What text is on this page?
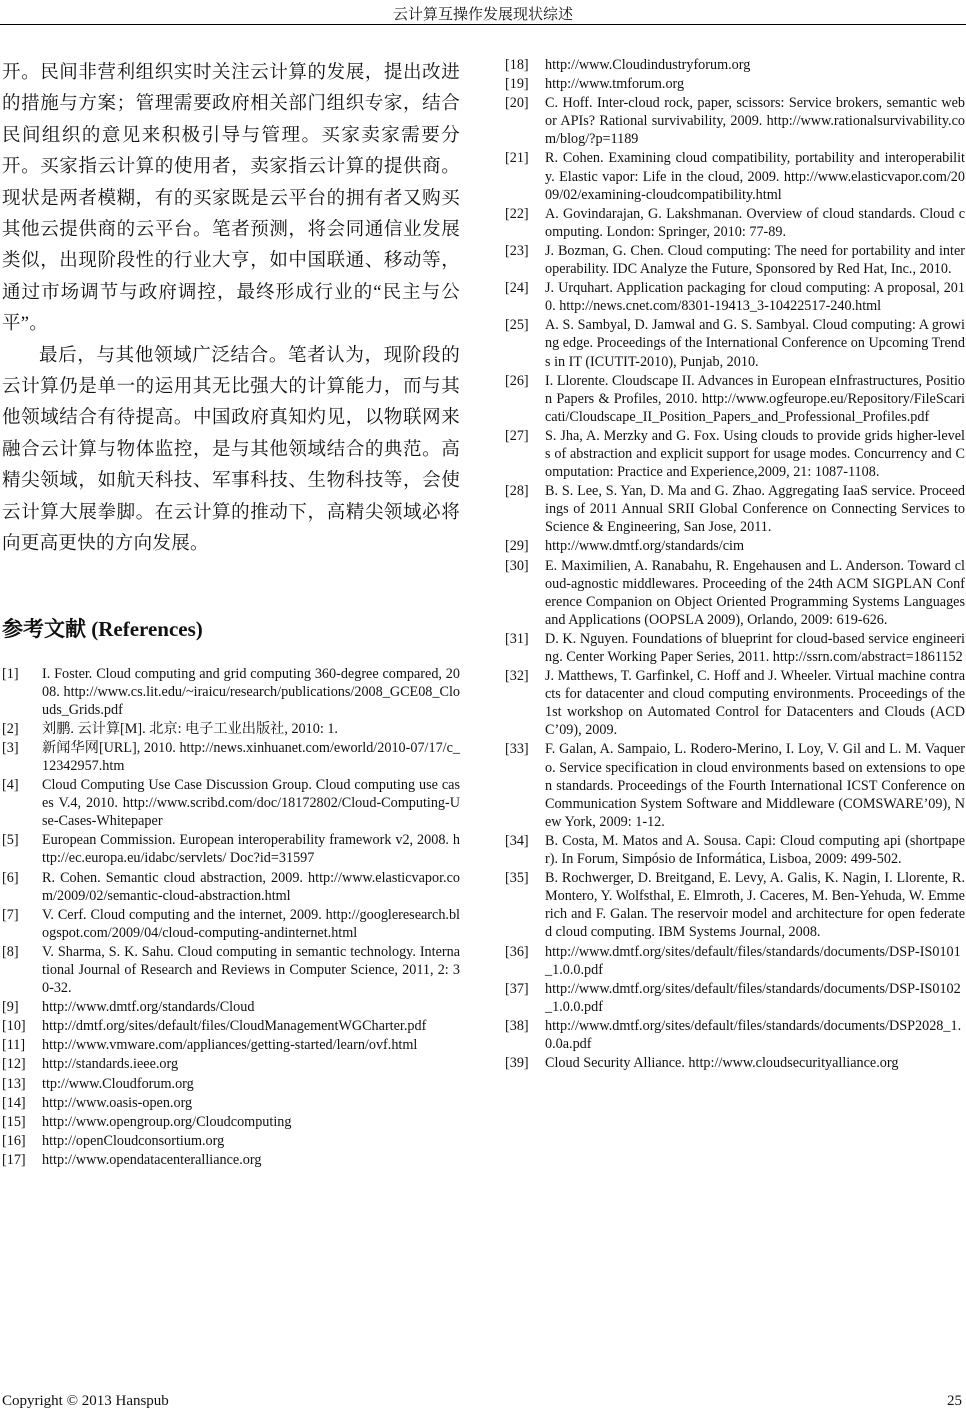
云计算互操作发展现状综述

开。民间非营利组织实时关注云计算的发展，提出改进的措施与方案；管理需要政府相关部门组织专家，结合民间组织的意见来积极引导与管理。买家卖家需要分开。买家指云计算的使用者，卖家指云计算的提供商。现状是两者模糊，有的买家既是云平台的拥有者又购买其他云提供商的云平台。笔者预测，将会同通信业发展类似，出现阶段性的行业大亨，如中国联通、移动等，通过市场调节与政府调控，最终形成行业的“民主与公平”。

最后，与其他领域广泛结合。笔者认为，现阶段的云计算仍是单一的运用其无比强大的计算能力，而与其他领域结合有待提高。中国政府真知灼见，以物联网来融合云计算与物体监控，是与其他领域结合的典范。高精尖领域，如航天科技、军事科技、生物科技等，会使云计算大展拳脚。在云计算的推动下，高精尖领域必将向更高更快的方向发展。

参考文献 (References)
[1]	I. Foster. Cloud computing and grid computing 360-degree compared, 2008. http://www.cs.lit.edu/~iraicu/research/publications/2008_GCE08_Clouds_Grids.pdf
[2]	刘鹏. 云计算[M]. 北京: 电子工业出版社, 2010: 1.
[3]	新闻华网[URL], 2010. http://news.xinhuanet.com/eworld/2010-07/17/c_12342957.htm
[4]	Cloud Computing Use Case Discussion Group. Cloud computing use cases V.4, 2010. http://www.scribd.com/doc/18172802/Cloud-Computing-Use-Cases-Whitepaper
[5]	European Commission. European interoperability framework v2, 2008. http://ec.europa.eu/idabc/servlets/ Doc?id=31597
[6]	R. Cohen. Semantic cloud abstraction, 2009. http://www.elasticvapor.com/2009/02/semantic-cloud-abstraction.html
[7]	V. Cerf. Cloud computing and the internet, 2009. http://googleresearch.blogspot.com/2009/04/cloud-computing-andinternet.html
[8]	V. Sharma, S. K. Sahu. Cloud computing in semantic technology. International Journal of Research and Reviews in Computer Science, 2011, 2: 30-32.
[9]	http://www.dmtf.org/standards/Cloud
[10]	http://dmtf.org/sites/default/files/CloudManagementWGCharter.pdf
[11]	http://www.vmware.com/appliances/getting-started/learn/ovf.html
[12]	http://standards.ieee.org
[13]	ttp://www.Cloudforum.org
[14]	http://www.oasis-open.org
[15]	http://www.opengroup.org/Cloudcomputing
[16]	http://openCloudconsortium.org
[17]	http://www.opendatacenteralliance.org
[18]	http://www.Cloudindustryforum.org
[19]	http://www.tmforum.org
[20]	C. Hoff. Inter-cloud rock, paper, scissors: Service brokers, semantic web or APIs? Rational survivability, 2009. http://www.rationalsurvivability.com/blog/?p=1189
[21]	R. Cohen. Examining cloud compatibility, portability and interoperability. Elastic vapor: Life in the cloud, 2009. http://www.elasticvapor.com/2009/02/examining-cloudcompatibility.html
[22]	A. Govindarajan, G. Lakshmanan. Overview of cloud standards. Cloud computing. London: Springer, 2010: 77-89.
[23]	J. Bozman, G. Chen. Cloud computing: The need for portability and interoperability. IDC Analyze the Future, Sponsored by Red Hat, Inc., 2010.
[24]	J. Urquhart. Application packaging for cloud computing: A proposal, 2010. http://news.cnet.com/8301-19413_3-10422517-240.html
[25]	A. S. Sambyal, D. Jamwal and G. S. Sambyal. Cloud computing: A growing edge. Proceedings of the International Conference on Upcoming Trends in IT (ICUTIT-2010), Punjab, 2010.
[26]	I. Llorente. Cloudscape II. Advances in European eInfrastructures, Position Papers & Profiles, 2010. http://www.ogfeurope.eu/Repository/FileScaricati/Cloudscape_II_Position_Papers_and_Professional_Profiles.pdf
[27]	S. Jha, A. Merzky and G. Fox. Using clouds to provide grids higher-levels of abstraction and explicit support for usage modes. Concurrency and Computation: Practice and Experience,2009, 21: 1087-1108.
[28]	B. S. Lee, S. Yan, D. Ma and G. Zhao. Aggregating IaaS service. Proceedings of 2011 Annual SRII Global Conference on Connecting Services to Science & Engineering, San Jose, 2011.
[29]	http://www.dmtf.org/standards/cim
[30]	E. Maximilien, A. Ranabahu, R. Engehausen and L. Anderson. Toward cloud-agnostic middlewares. Proceeding of the 24th ACM SIGPLAN Conference Companion on Object Oriented Programming Systems Languages and Applications (OOPSLA 2009), Orlando, 2009: 619-626.
[31]	D. K. Nguyen. Foundations of blueprint for cloud-based service engineering. Center Working Paper Series, 2011. http://ssrn.com/abstract=1861152
[32]	J. Matthews, T. Garfinkel, C. Hoff and J. Wheeler. Virtual machine contracts for datacenter and cloud computing environments. Proceedings of the 1st workshop on Automated Control for Datacenters and Clouds (ACDC’09), 2009.
[33]	F. Galan, A. Sampaio, L. Rodero-Merino, I. Loy, V. Gil and L. M. Vaquero. Service specification in cloud environments based on extensions to open standards. Proceedings of the Fourth International ICST Conference on Communication System Software and Middleware (COMSWARE’09), New York, 2009: 1-12.
[34]	B. Costa, M. Matos and A. Sousa. Capi: Cloud computing api (shortpaper). In Forum, Simpósio de Informática, Lisboa, 2009: 499-502.
[35]	B. Rochwerger, D. Breitgand, E. Levy, A. Galis, K. Nagin, I. Llorente, R. Montero, Y. Wolfsthal, E. Elmroth, J. Caceres, M. Ben-Yehuda, W. Emmerich and F. Galan. The reservoir model and architecture for open federated cloud computing. IBM Systems Journal, 2008.
[36]	http://www.dmtf.org/sites/default/files/standards/documents/DSP-IS0101_1.0.0.pdf
[37]	http://www.dmtf.org/sites/default/files/standards/documents/DSP-IS0102_1.0.0.pdf
[38]	http://www.dmtf.org/sites/default/files/standards/documents/DSP2028_1.0.0a.pdf
[39]	Cloud Security Alliance. http://www.cloudsecurityalliance.org
Copyright © 2013 Hanspub	25
